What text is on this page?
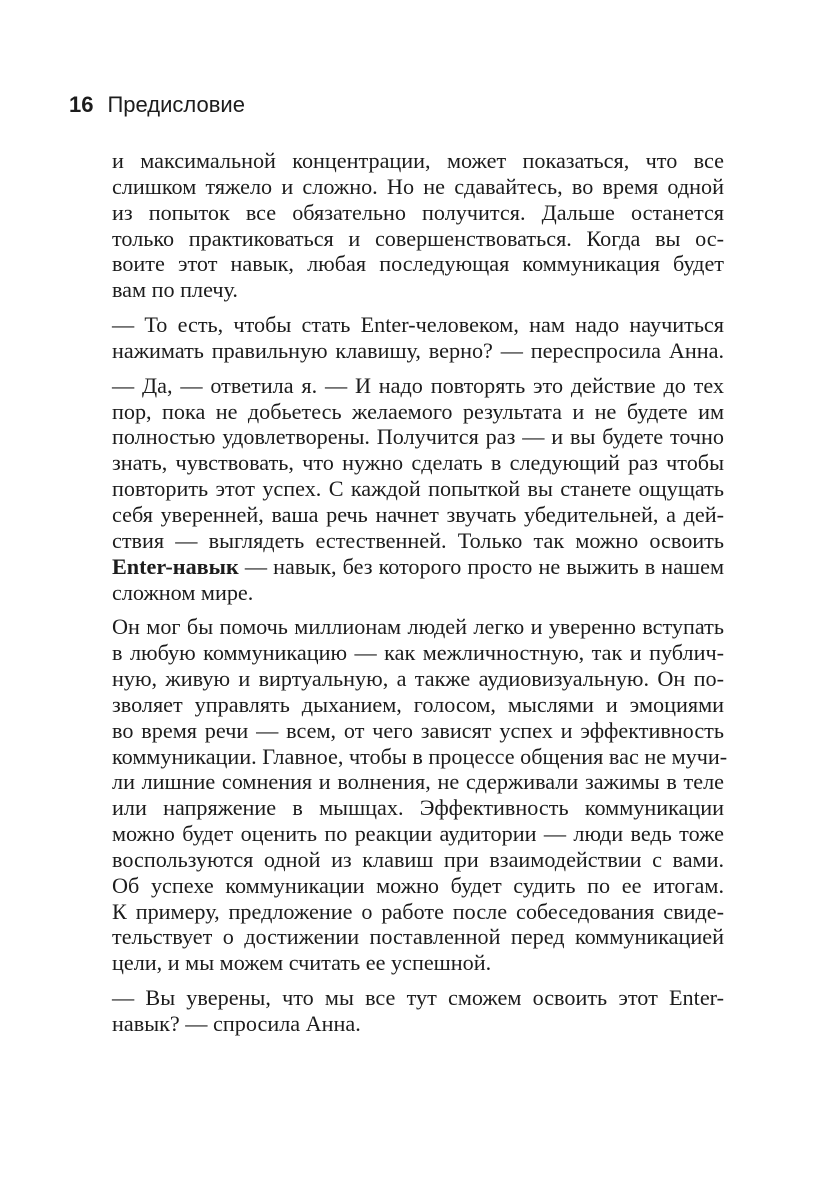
16 Предисловие
и максимальной концентрации, может показаться, что все
слишком тяжело и сложно. Но не сдавайтесь, во время одной
из попыток все обязательно получится. Дальше останется
только практиковаться и совершенствоваться. Когда вы ос-
воите этот навык, любая последующая коммуникация будет
вам по плечу.
— То есть, чтобы стать Enter-человеком, нам надо научиться
нажимать правильную клавишу, верно? — переспросила Анна.
— Да, — ответила я. — И надо повторять это действие до тех
пор, пока не добьетесь желаемого результата и не будете им
полностью удовлетворены. Получится раз — и вы будете точно
знать, чувствовать, что нужно сделать в следующий раз чтобы
повторить этот успех. С каждой попыткой вы станете ощущать
себя уверенней, ваша речь начнет звучать убедительней, а дей-
ствия — выглядеть естественней. Только так можно освоить
Enter-навык — навык, без которого просто не выжить в нашем
сложном мире.
Он мог бы помочь миллионам людей легко и уверенно вступать
в любую коммуникацию — как межличностную, так и публич-
ную, живую и виртуальную, а также аудиовизуальную. Он по-
зволяет управлять дыханием, голосом, мыслями и эмоциями
во время речи — всем, от чего зависят успех и эффективность
коммуникации. Главное, чтобы в процессе общения вас не мучи-
ли лишние сомнения и волнения, не сдерживали зажимы в теле
или напряжение в мышцах. Эффективность коммуникации
можно будет оценить по реакции аудитории — люди ведь тоже
воспользуются одной из клавиш при взаимодействии с вами.
Об успехе коммуникации можно будет судить по ее итогам.
К примеру, предложение о работе после собеседования свиде-
тельствует о достижении поставленной перед коммуникацией
цели, и мы можем считать ее успешной.
— Вы уверены, что мы все тут сможем освоить этот Enter-
навык? — спросила Анна.
